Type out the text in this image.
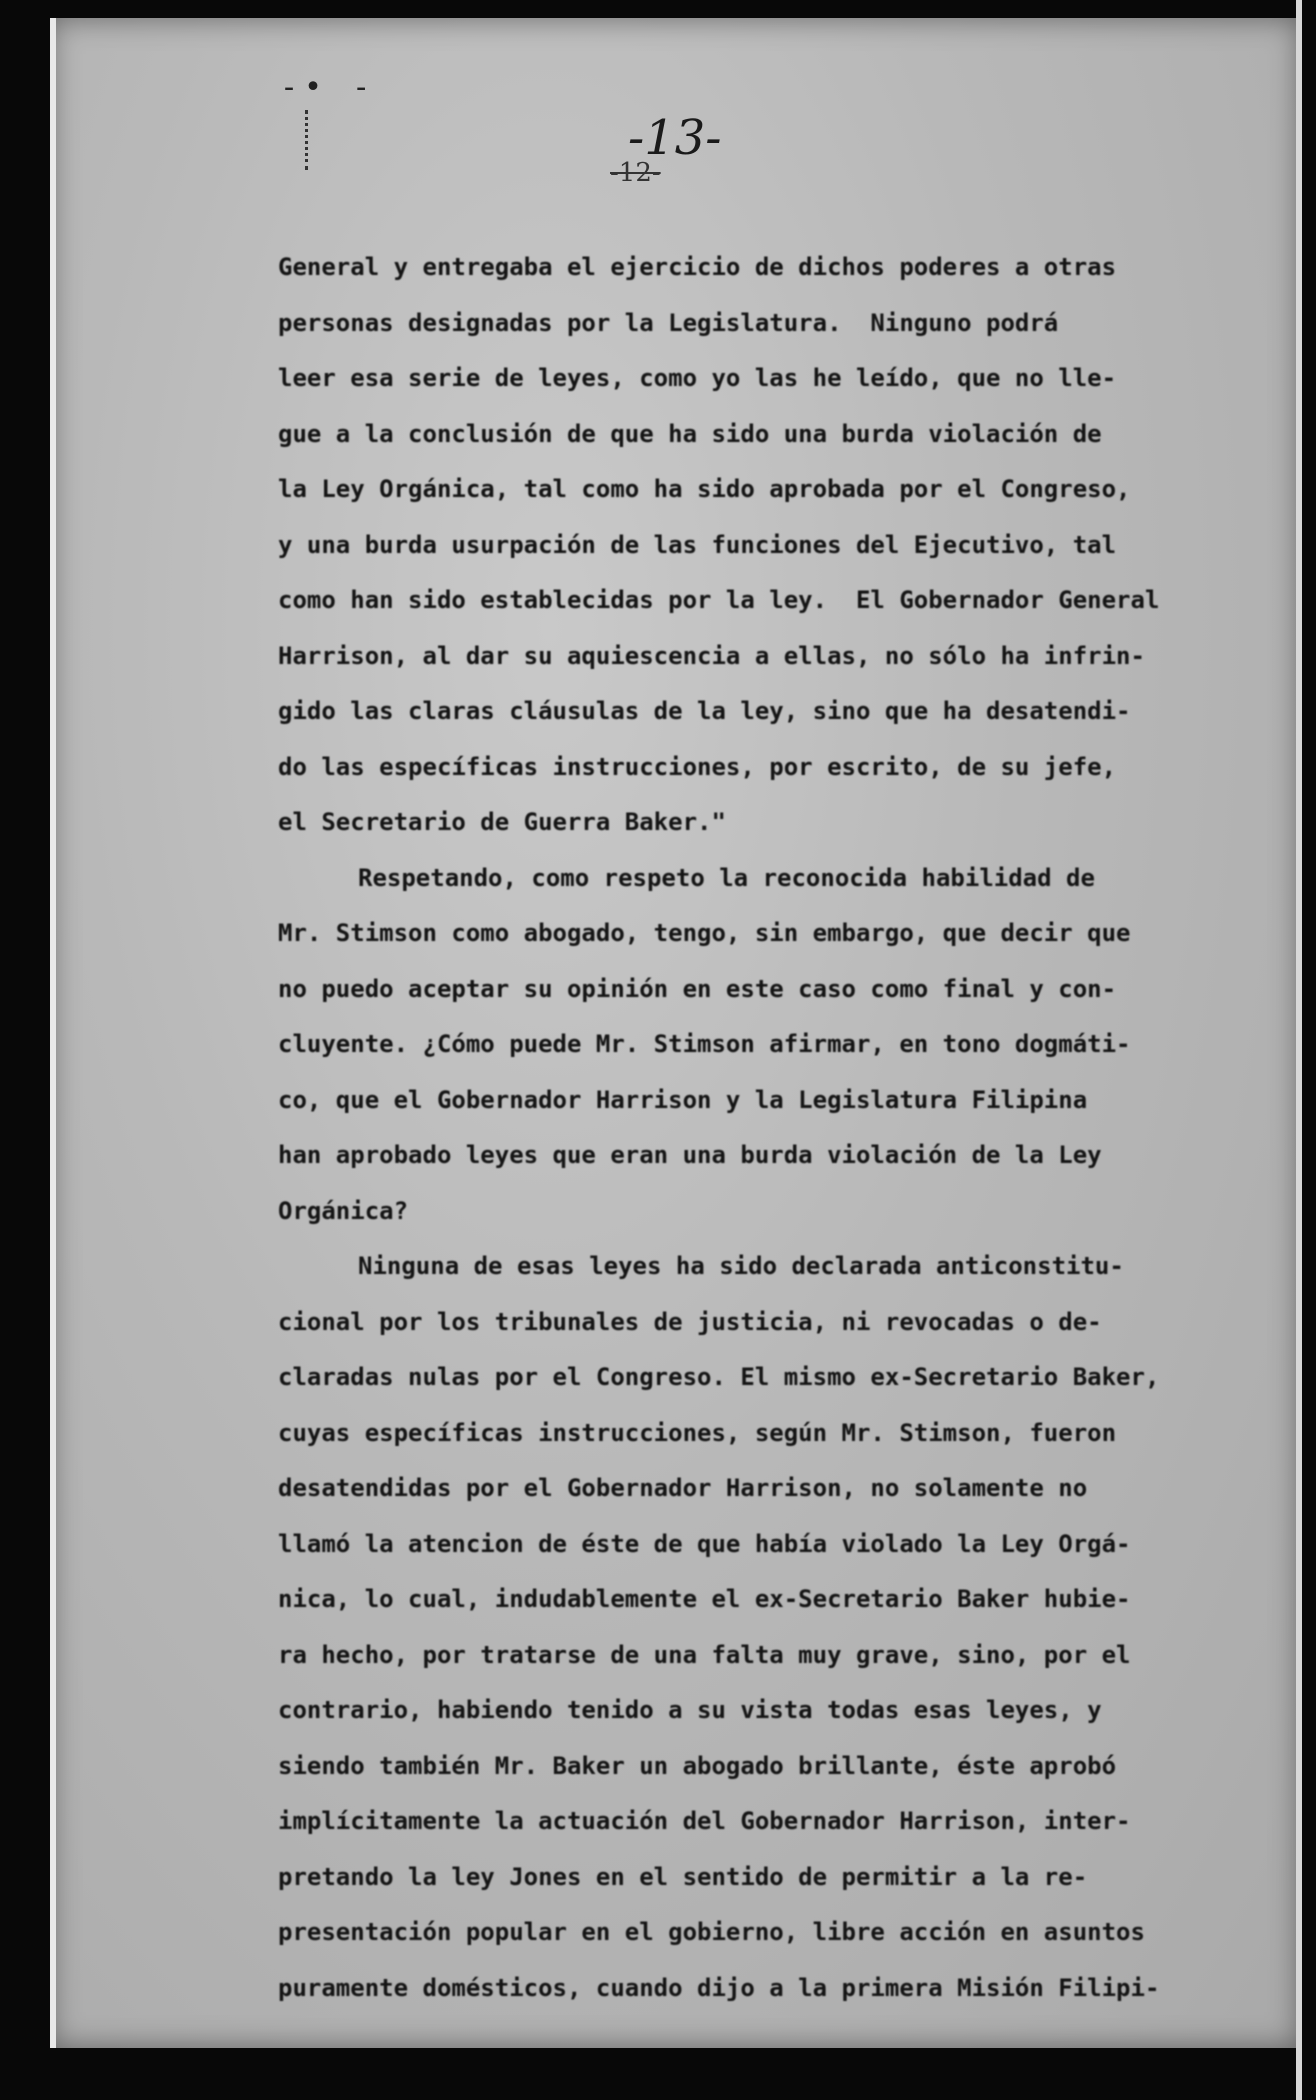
-• -
-13-
-12-
General y entregaba el ejercicio de dichos poderes a otras
personas designadas por la Legislatura.  Ninguno podrá
leer esa serie de leyes, como yo las he leído, que no lle-
gue a la conclusión de que ha sido una burda violación de
la Ley Orgánica, tal como ha sido aprobada por el Congreso,
y una burda usurpación de las funciones del Ejecutivo, tal
como han sido establecidas por la ley.  El Gobernador General
Harrison, al dar su aquiescencia a ellas, no sólo ha infrin-
gido las claras cláusulas de la ley, sino que ha desatendi-
do las específicas instrucciones, por escrito, de su jefe,
el Secretario de Guerra Baker."
Respetando, como respeto la reconocida habilidad de
Mr. Stimson como abogado, tengo, sin embargo, que decir que
no puedo aceptar su opinión en este caso como final y con-
cluyente. ¿Cómo puede Mr. Stimson afirmar, en tono dogmáti-
co, que el Gobernador Harrison y la Legislatura Filipina
han aprobado leyes que eran una burda violación de la Ley
Orgánica?
Ninguna de esas leyes ha sido declarada anticonstitu-
cional por los tribunales de justicia, ni revocadas o de-
claradas nulas por el Congreso. El mismo ex-Secretario Baker,
cuyas específicas instrucciones, según Mr. Stimson, fueron
desatendidas por el Gobernador Harrison, no solamente no
llamó la atencion de éste de que había violado la Ley Orgá-
nica, lo cual, indudablemente el ex-Secretario Baker hubie-
ra hecho, por tratarse de una falta muy grave, sino, por el
contrario, habiendo tenido a su vista todas esas leyes, y
siendo también Mr. Baker un abogado brillante, éste aprobó
implícitamente la actuación del Gobernador Harrison, inter-
pretando la ley Jones en el sentido de permitir a la re-
presentación popular en el gobierno, libre acción en asuntos
puramente domésticos, cuando dijo a la primera Misión Filipi-
